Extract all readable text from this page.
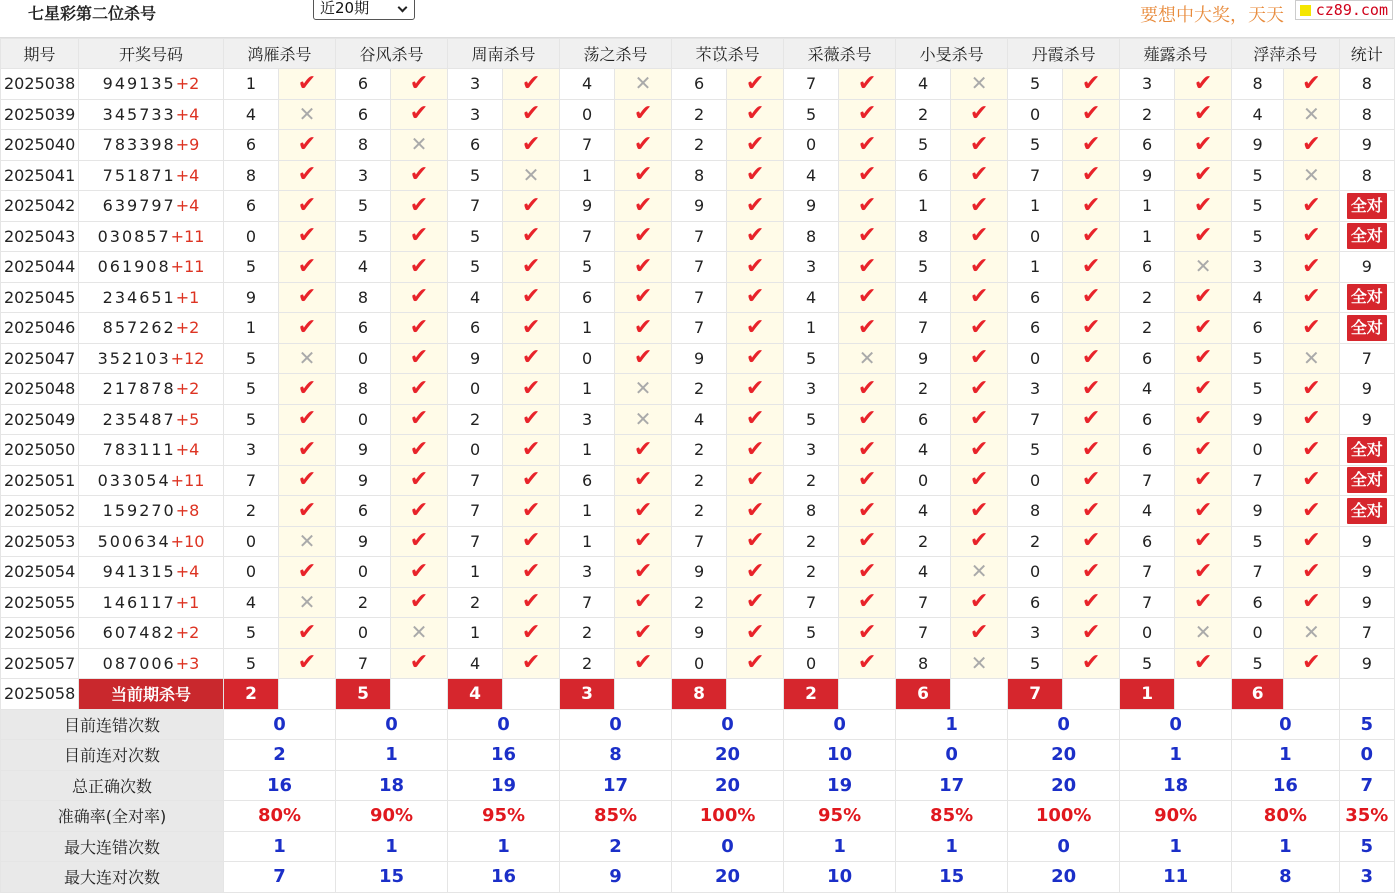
七星彩第二位杀号	近20期	要想中大奖，天天	cz89.com
期号	开奖号码	鸿雁杀号		谷风杀号		周南杀号		荡之杀号		芣苡杀号		采薇杀号		小旻杀号		丹霞杀号		薤露杀号		浮萍杀号		统计
2025038	949135+2	1	✔	6	✔	3	✔	4	✕	6	✔	7	✔	4	✕	5	✔	3	✔	8	✔	8
2025039	345733+4	4	✕	6	✔	3	✔	0	✔	2	✔	5	✔	2	✔	0	✔	2	✔	4	✕	8
2025040	783398+9	6	✔	8	✕	6	✔	7	✔	2	✔	0	✔	5	✔	5	✔	6	✔	9	✔	9
2025041	751871+4	8	✔	3	✔	5	✕	1	✔	8	✔	4	✔	6	✔	7	✔	9	✔	5	✕	8
2025042	639797+4	6	✔	5	✔	7	✔	9	✔	9	✔	9	✔	1	✔	1	✔	1	✔	5	✔	全对
2025043	030857+11	0	✔	5	✔	5	✔	7	✔	7	✔	8	✔	8	✔	0	✔	1	✔	5	✔	全对
2025044	061908+11	5	✔	4	✔	5	✔	5	✔	7	✔	3	✔	5	✔	1	✔	6	✕	3	✔	9
2025045	234651+1	9	✔	8	✔	4	✔	6	✔	7	✔	4	✔	4	✔	6	✔	2	✔	4	✔	全对
2025046	857262+2	1	✔	6	✔	6	✔	1	✔	7	✔	1	✔	7	✔	6	✔	2	✔	6	✔	全对
2025047	352103+12	5	✕	0	✔	9	✔	0	✔	9	✔	5	✕	9	✔	0	✔	6	✔	5	✕	7
2025048	217878+2	5	✔	8	✔	0	✔	1	✕	2	✔	3	✔	2	✔	3	✔	4	✔	5	✔	9
2025049	235487+5	5	✔	0	✔	2	✔	3	✕	4	✔	5	✔	6	✔	7	✔	6	✔	9	✔	9
2025050	783111+4	3	✔	9	✔	0	✔	1	✔	2	✔	3	✔	4	✔	5	✔	6	✔	0	✔	全对
2025051	033054+11	7	✔	9	✔	7	✔	6	✔	2	✔	2	✔	0	✔	0	✔	7	✔	7	✔	全对
2025052	159270+8	2	✔	6	✔	7	✔	1	✔	2	✔	8	✔	4	✔	8	✔	4	✔	9	✔	全对
2025053	500634+10	0	✕	9	✔	7	✔	1	✔	7	✔	2	✔	2	✔	2	✔	6	✔	5	✔	9
2025054	941315+4	0	✔	0	✔	1	✔	3	✔	9	✔	2	✔	4	✕	0	✔	7	✔	7	✔	9
2025055	146117+1	4	✕	2	✔	2	✔	7	✔	2	✔	7	✔	7	✔	6	✔	7	✔	6	✔	9
2025056	607482+2	5	✔	0	✕	1	✔	2	✔	9	✔	5	✔	7	✔	3	✔	0	✕	0	✕	7
2025057	087006+3	5	✔	7	✔	4	✔	2	✔	0	✔	0	✔	8	✕	5	✔	5	✔	5	✔	9
2025058	当前期杀号	2		5		4		3		8		2		6		7		1		6		
目前连错次数		0		0		0		0		0		0		1		0		0		0		5
目前连对次数		2		1		16		8		20		10		0		20		1		1		0
总正确次数		16		18		19		17		20		19		17		20		18		16		7
准确率(全对率)		80%		90%		95%		85%		100%		95%		85%		100%		90%		80%		35%
最大连错次数		1		1		1		2		0		1		1		0		1		1		5
最大连对次数		7		15		16		9		20		10		15		20		11		8		3
